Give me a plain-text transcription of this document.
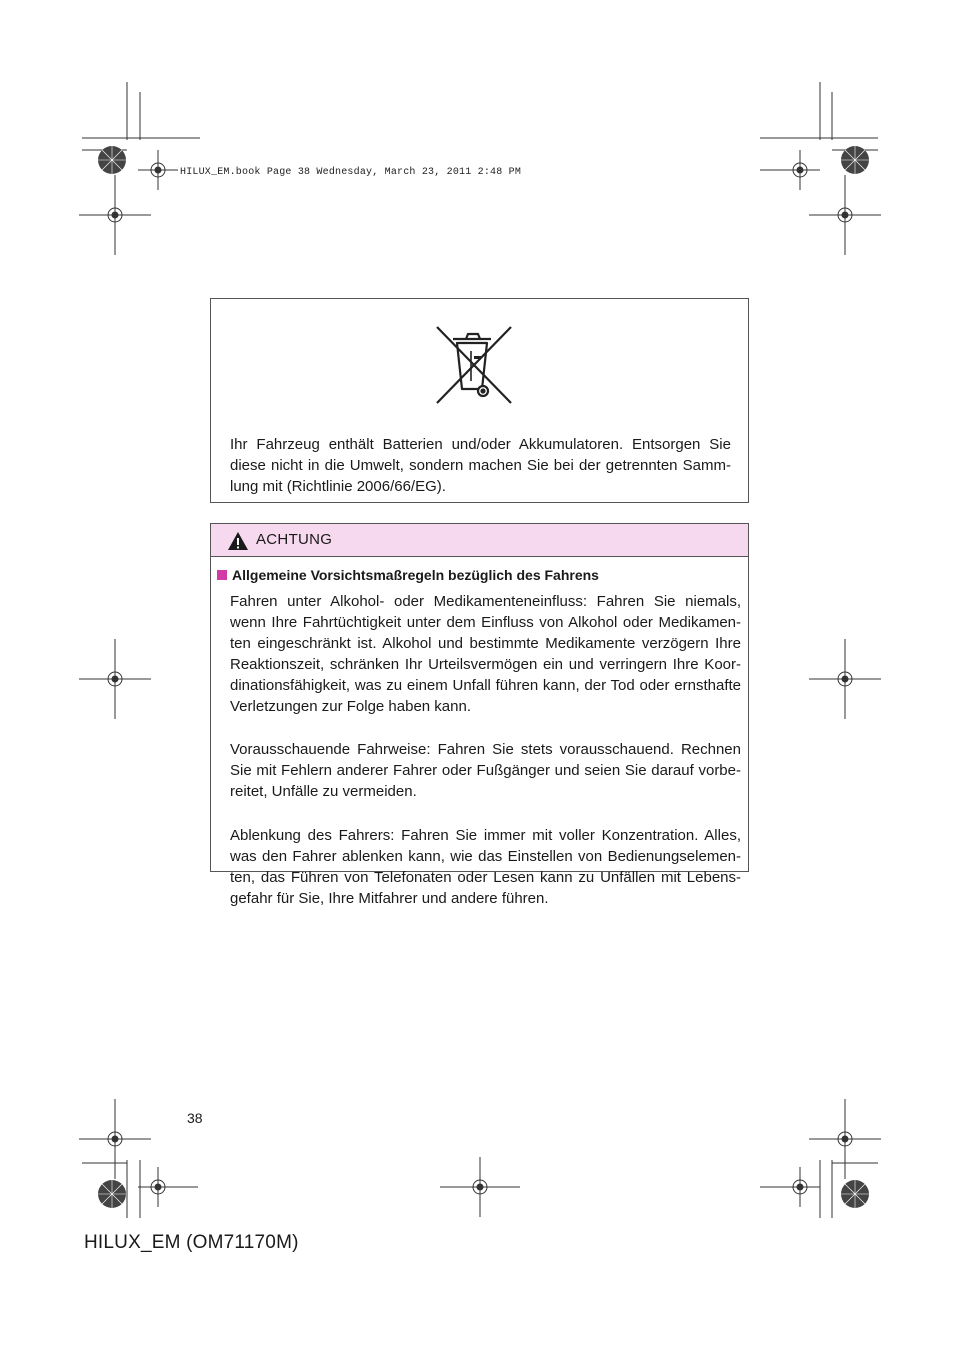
HILUX_EM.book Page 38 Wednesday, March 23, 2011 2:48 PM
Ihr Fahrzeug enthält Batterien und/oder Akkumulatoren. Entsorgen Sie diese nicht in die Umwelt, sondern machen Sie bei der getrennten Samm-lung mit (Richtlinie 2006/66/EG).
ACHTUNG
Allgemeine Vorsichtsmaßregeln bezüglich des Fahrens
Fahren unter Alkohol- oder Medikamenteneinfluss: Fahren Sie niemals, wenn Ihre Fahrtüchtigkeit unter dem Einfluss von Alkohol oder Medikamen-ten eingeschränkt ist. Alkohol und bestimmte Medikamente verzögern Ihre Reaktionszeit, schränken Ihr Urteilsvermögen ein und verringern Ihre Koor-dinationsfähigkeit, was zu einem Unfall führen kann, der Tod oder ernsthafte Verletzungen zur Folge haben kann.
Vorausschauende Fahrweise: Fahren Sie stets vorausschauend. Rechnen Sie mit Fehlern anderer Fahrer oder Fußgänger und seien Sie darauf vorbe-reitet, Unfälle zu vermeiden.
Ablenkung des Fahrers: Fahren Sie immer mit voller Konzentration. Alles, was den Fahrer ablenken kann, wie das Einstellen von Bedienungselemen-ten, das Führen von Telefonaten oder Lesen kann zu Unfällen mit Lebens-gefahr für Sie, Ihre Mitfahrer und andere führen.
38
HILUX_EM (OM71170M)
